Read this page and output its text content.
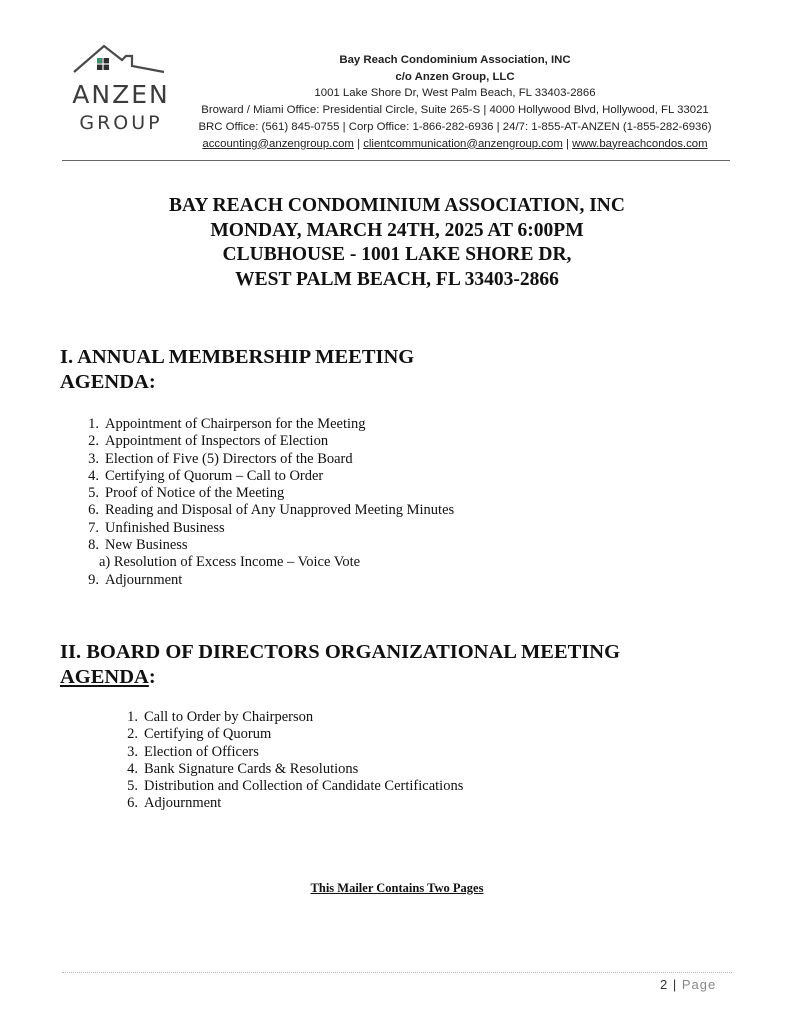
ANZEN
GROUP
Bay Reach Condominium Association, INC
c/o Anzen Group, LLC
1001 Lake Shore Dr, West Palm Beach, FL 33403-2866
Broward / Miami Office: Presidential Circle, Suite 265-S | 4000 Hollywood Blvd, Hollywood, FL 33021
BRC Office: (561) 845-0755 | Corp Office: 1-866-282-6936 | 24/7: 1-855-AT-ANZEN (1-855-282-6936)
accounting@anzengroup.com | clientcommunication@anzengroup.com | www.bayreachcondos.com
BAY REACH CONDOMINIUM ASSOCIATION, INC
MONDAY, MARCH 24TH, 2025 AT 6:00PM
CLUBHOUSE - 1001 LAKE SHORE DR,
WEST PALM BEACH, FL 33403-2866
I. ANNUAL MEMBERSHIP MEETING
AGENDA:
1. Appointment of Chairperson for the Meeting
2. Appointment of Inspectors of Election
3. Election of Five (5) Directors of the Board
4. Certifying of Quorum – Call to Order
5. Proof of Notice of the Meeting
6. Reading and Disposal of Any Unapproved Meeting Minutes
7. Unfinished Business
8. New Business
a) Resolution of Excess Income – Voice Vote
9. Adjournment
II. BOARD OF DIRECTORS ORGANIZATIONAL MEETING
AGENDA:
1. Call to Order by Chairperson
2. Certifying of Quorum
3. Election of Officers
4. Bank Signature Cards & Resolutions
5. Distribution and Collection of Candidate Certifications
6. Adjournment
This Mailer Contains Two Pages
2 | Page
